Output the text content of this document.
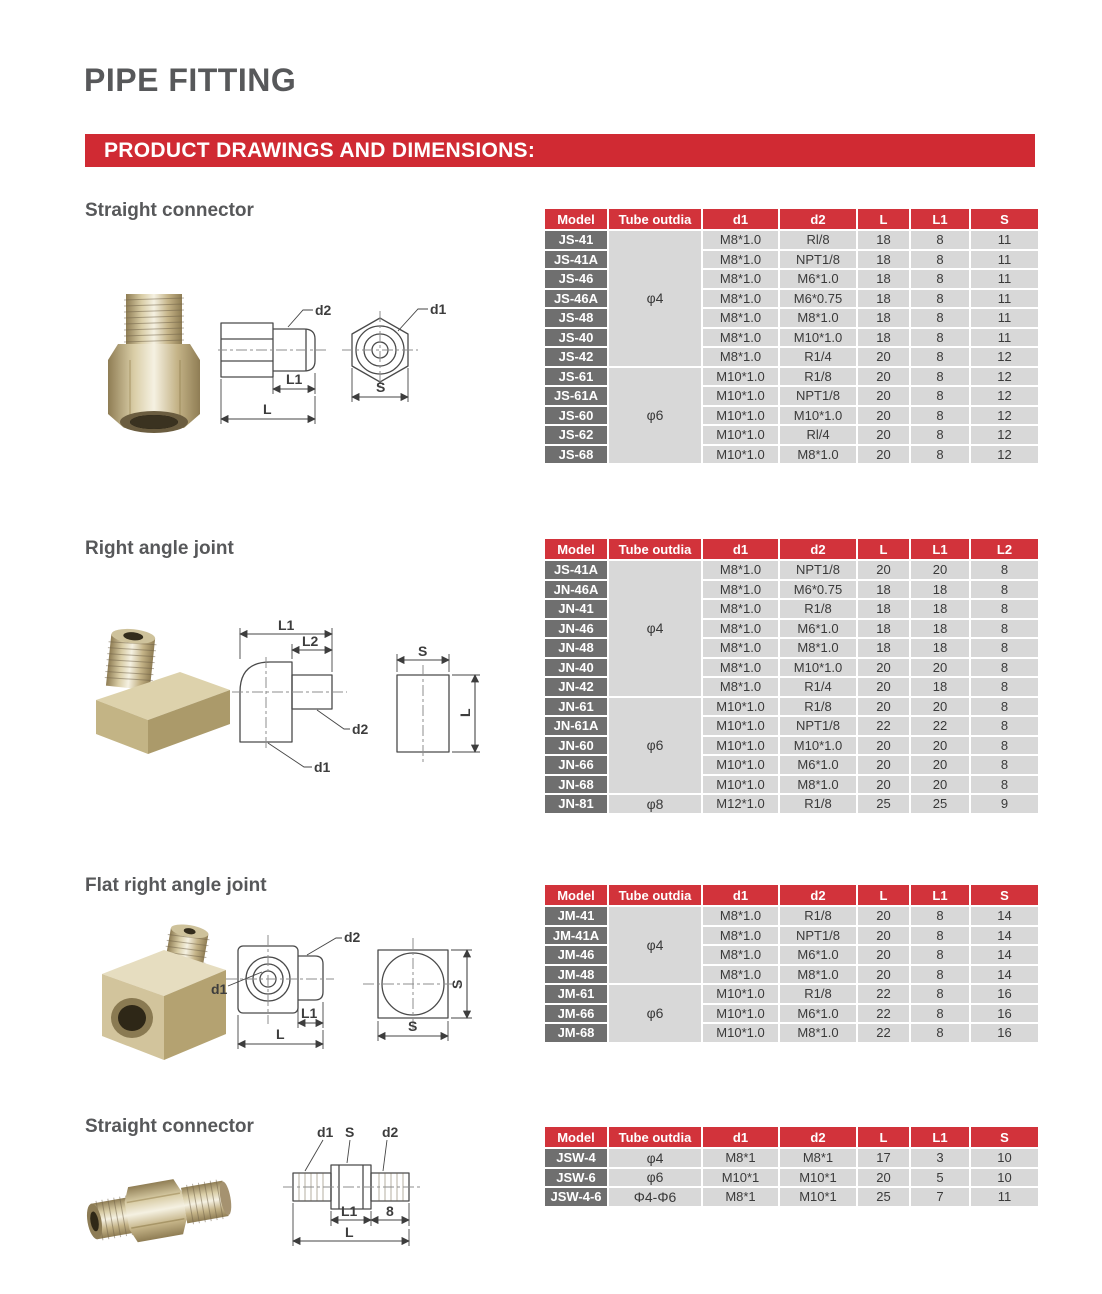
PIPE FITTING
PRODUCT DRAWINGS AND DIMENSIONS:
Straight connector
d2
L1
L
d1
S
Model	Tube outdia	d1	d2	L	L1	S
JS-41	φ4	M8*1.0	Rl/8	18	8	11
JS-41A		M8*1.0	NPT1/8	18	8	11
JS-46		M8*1.0	M6*1.0	18	8	11
JS-46A		M8*1.0	M6*0.75	18	8	11
JS-48		M8*1.0	M8*1.0	18	8	11
JS-40		M8*1.0	M10*1.0	18	8	11
JS-42		M8*1.0	R1/4	20	8	12
JS-61	φ6	M10*1.0	R1/8	20	8	12
JS-61A		M10*1.0	NPT1/8	20	8	12
JS-60		M10*1.0	M10*1.0	20	8	12
JS-62		M10*1.0	Rl/4	20	8	12
JS-68		M10*1.0	M8*1.0	20	8	12
Right angle joint
L1
L2
d2
d1
S
L
Model	Tube outdia	d1	d2	L	L1	L2
JS-41A	φ4	M8*1.0	NPT1/8	20	20	8
JN-46A		M8*1.0	M6*0.75	18	18	8
JN-41		M8*1.0	R1/8	18	18	8
JN-46		M8*1.0	M6*1.0	18	18	8
JN-48		M8*1.0	M8*1.0	18	18	8
JN-40		M8*1.0	M10*1.0	20	20	8
JN-42		M8*1.0	R1/4	20	18	8
JN-61	φ6	M10*1.0	R1/8	20	20	8
JN-61A		M10*1.0	NPT1/8	22	22	8
JN-60		M10*1.0	M10*1.0	20	20	8
JN-66		M10*1.0	M6*1.0	20	20	8
JN-68		M10*1.0	M8*1.0	20	20	8
JN-81	φ8	M12*1.0	R1/8	25	25	9
Flat right angle joint
d1
d2
L1
L
S
S
Model	Tube outdia	d1	d2	L	L1	S
JM-41	φ4	M8*1.0	R1/8	20	8	14
JM-41A		M8*1.0	NPT1/8	20	8	14
JM-46		M8*1.0	M6*1.0	20	8	14
JM-48		M8*1.0	M8*1.0	20	8	14
JM-61	φ6	M10*1.0	R1/8	22	8	16
JM-66		M10*1.0	M6*1.0	22	8	16
JM-68		M10*1.0	M8*1.0	22	8	16
Straight connector	d1 S d2
L1 8
L
Model	Tube outdia	d1	d2	L	L1	S
JSW-4	φ4	M8*1	M8*1	17	3	10
JSW-6	φ6	M10*1	M10*1	20	5	10
JSW-4-6	Φ4-Φ6	M8*1	M10*1	25	7	11
